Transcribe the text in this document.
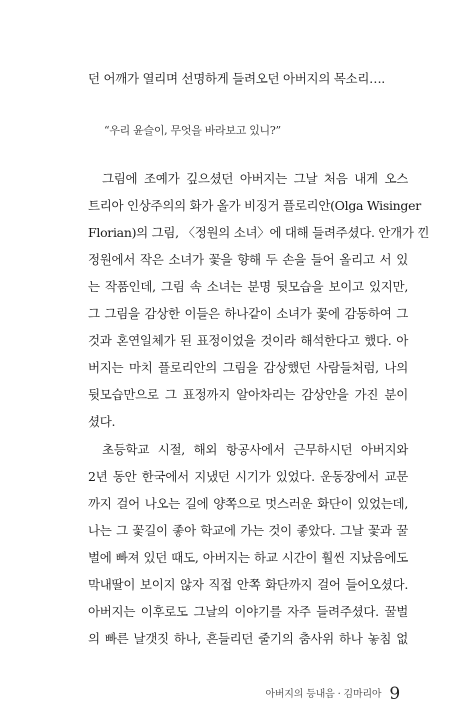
던 어깨가 열리며 선명하게 들려오던 아버지의 목소리….
“우리 윤슬이, 무엇을 바라보고 있니?”
그림에 조예가 깊으셨던 아버지는 그날 처음 내게 오스
트리아 인상주의의 화가 올가 비징거 플로리안(Olga Wisinger
Florian)의 그림, 〈정원의 소녀〉에 대해 들려주셨다. 안개가 낀
정원에서 작은 소녀가 꽃을 향해 두 손을 들어 올리고 서 있
는 작품인데, 그림 속 소녀는 분명 뒷모습을 보이고 있지만,
그 그림을 감상한 이들은 하나같이 소녀가 꽃에 감동하여 그
것과 혼연일체가 된 표정이었을 것이라 해석한다고 했다. 아
버지는 마치 플로리안의 그림을 감상했던 사람들처럼, 나의
뒷모습만으로 그 표정까지 알아차리는 감상안을 가진 분이
셨다.
초등학교 시절, 해외 항공사에서 근무하시던 아버지와
2년 동안 한국에서 지냈던 시기가 있었다. 운동장에서 교문
까지 걸어 나오는 길에 양쪽으로 멋스러운 화단이 있었는데,
나는 그 꽃길이 좋아 학교에 가는 것이 좋았다. 그날 꽃과 꿀
벌에 빠져 있던 때도, 아버지는 하교 시간이 훨씬 지났음에도
막내딸이 보이지 않자 직접 안쪽 화단까지 걸어 들어오셨다.
아버지는 이후로도 그날의 이야기를 자주 들려주셨다. 꿀벌
의 빠른 날갯짓 하나, 흔들리던 줄기의 춤사위 하나 놓침 없
아버지의 등내음 · 김마리아 9
